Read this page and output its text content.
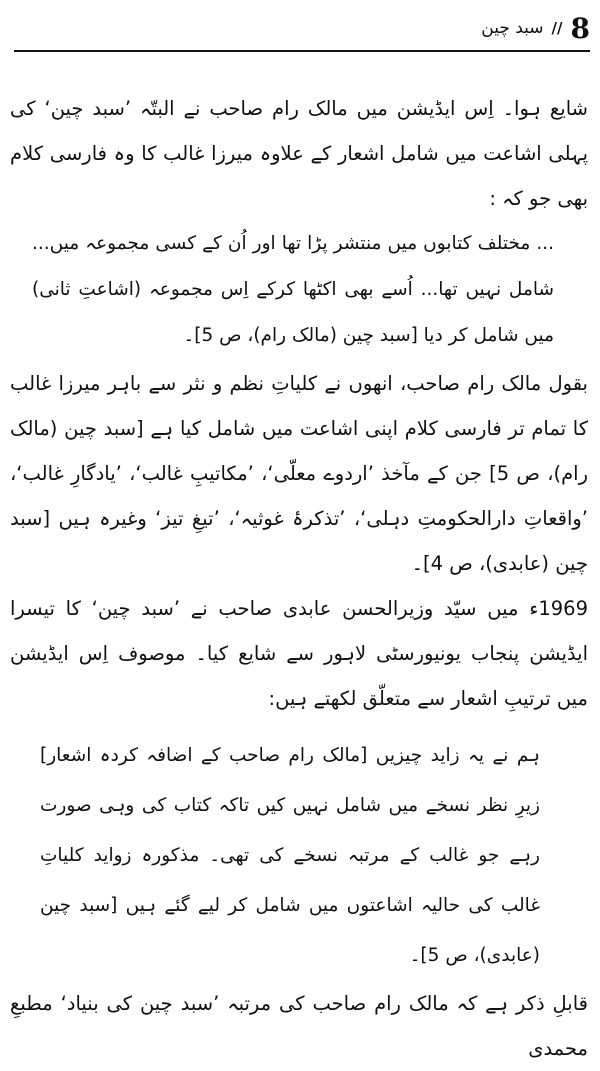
8
//
سبد چین

شایع ہوا۔ اِس ایڈیشن میں مالک رام صاحب نے البتّہ ’سبد چین‘ کی پہلی اشاعت میں شامل اشعار کے علاوہ میرزا غالب کا وہ فارسی کلام بھی جو کہ :

... مختلف کتابوں میں منتشر پڑا تھا اور اُن کے کسی مجموعہ میں... شامل نہیں تھا... اُسے بھی اکٹھا کرکے اِس مجموعہ (اشاعتِ ثانی) میں شامل کر دیا [سبد چین (مالک رام)، ص 5]۔

بقول مالک رام صاحب، انھوں نے کلیاتِ نظم و نثر سے باہر میرزا غالب کا تمام تر فارسی کلام اپنی اشاعت میں شامل کیا ہے [سبد چین (مالک رام)، ص 5] جن کے مآخذ ’اردوے معلّی‘، ’مکاتیبِ غالب‘، ’یادگارِ غالب‘، ’واقعاتِ دارالحکومتِ دہلی‘، ’تذکرۂ غوثیہ‘، ’تیغِ تیز‘ وغیرہ ہیں [سبد چین (عابدی)، ص 4]۔

1969ء میں سیّد وزیرالحسن عابدی صاحب نے ’سبد چین‘ کا تیسرا ایڈیشن پنجاب یونیورسٹی لاہور سے شایع کیا۔ موصوف اِس ایڈیشن میں ترتیبِ اشعار سے متعلّق لکھتے ہیں:

ہم نے یہ زاید چیزیں [مالک رام صاحب کے اضافہ کردہ اشعار] زیرِ نظر نسخے میں شامل نہیں کیں تاکہ کتاب کی وہی صورت رہے جو غالب کے مرتبہ نسخے کی تھی۔ مذکورہ زواید کلیاتِ غالب کی حالیہ اشاعتوں میں شامل کر لیے گئے ہیں [سبد چین (عابدی)، ص 5]۔

قابلِ ذکر ہے کہ مالک رام صاحب کی مرتبہ ’سبد چین کی بنیاد‘ مطبعِ محمدی
